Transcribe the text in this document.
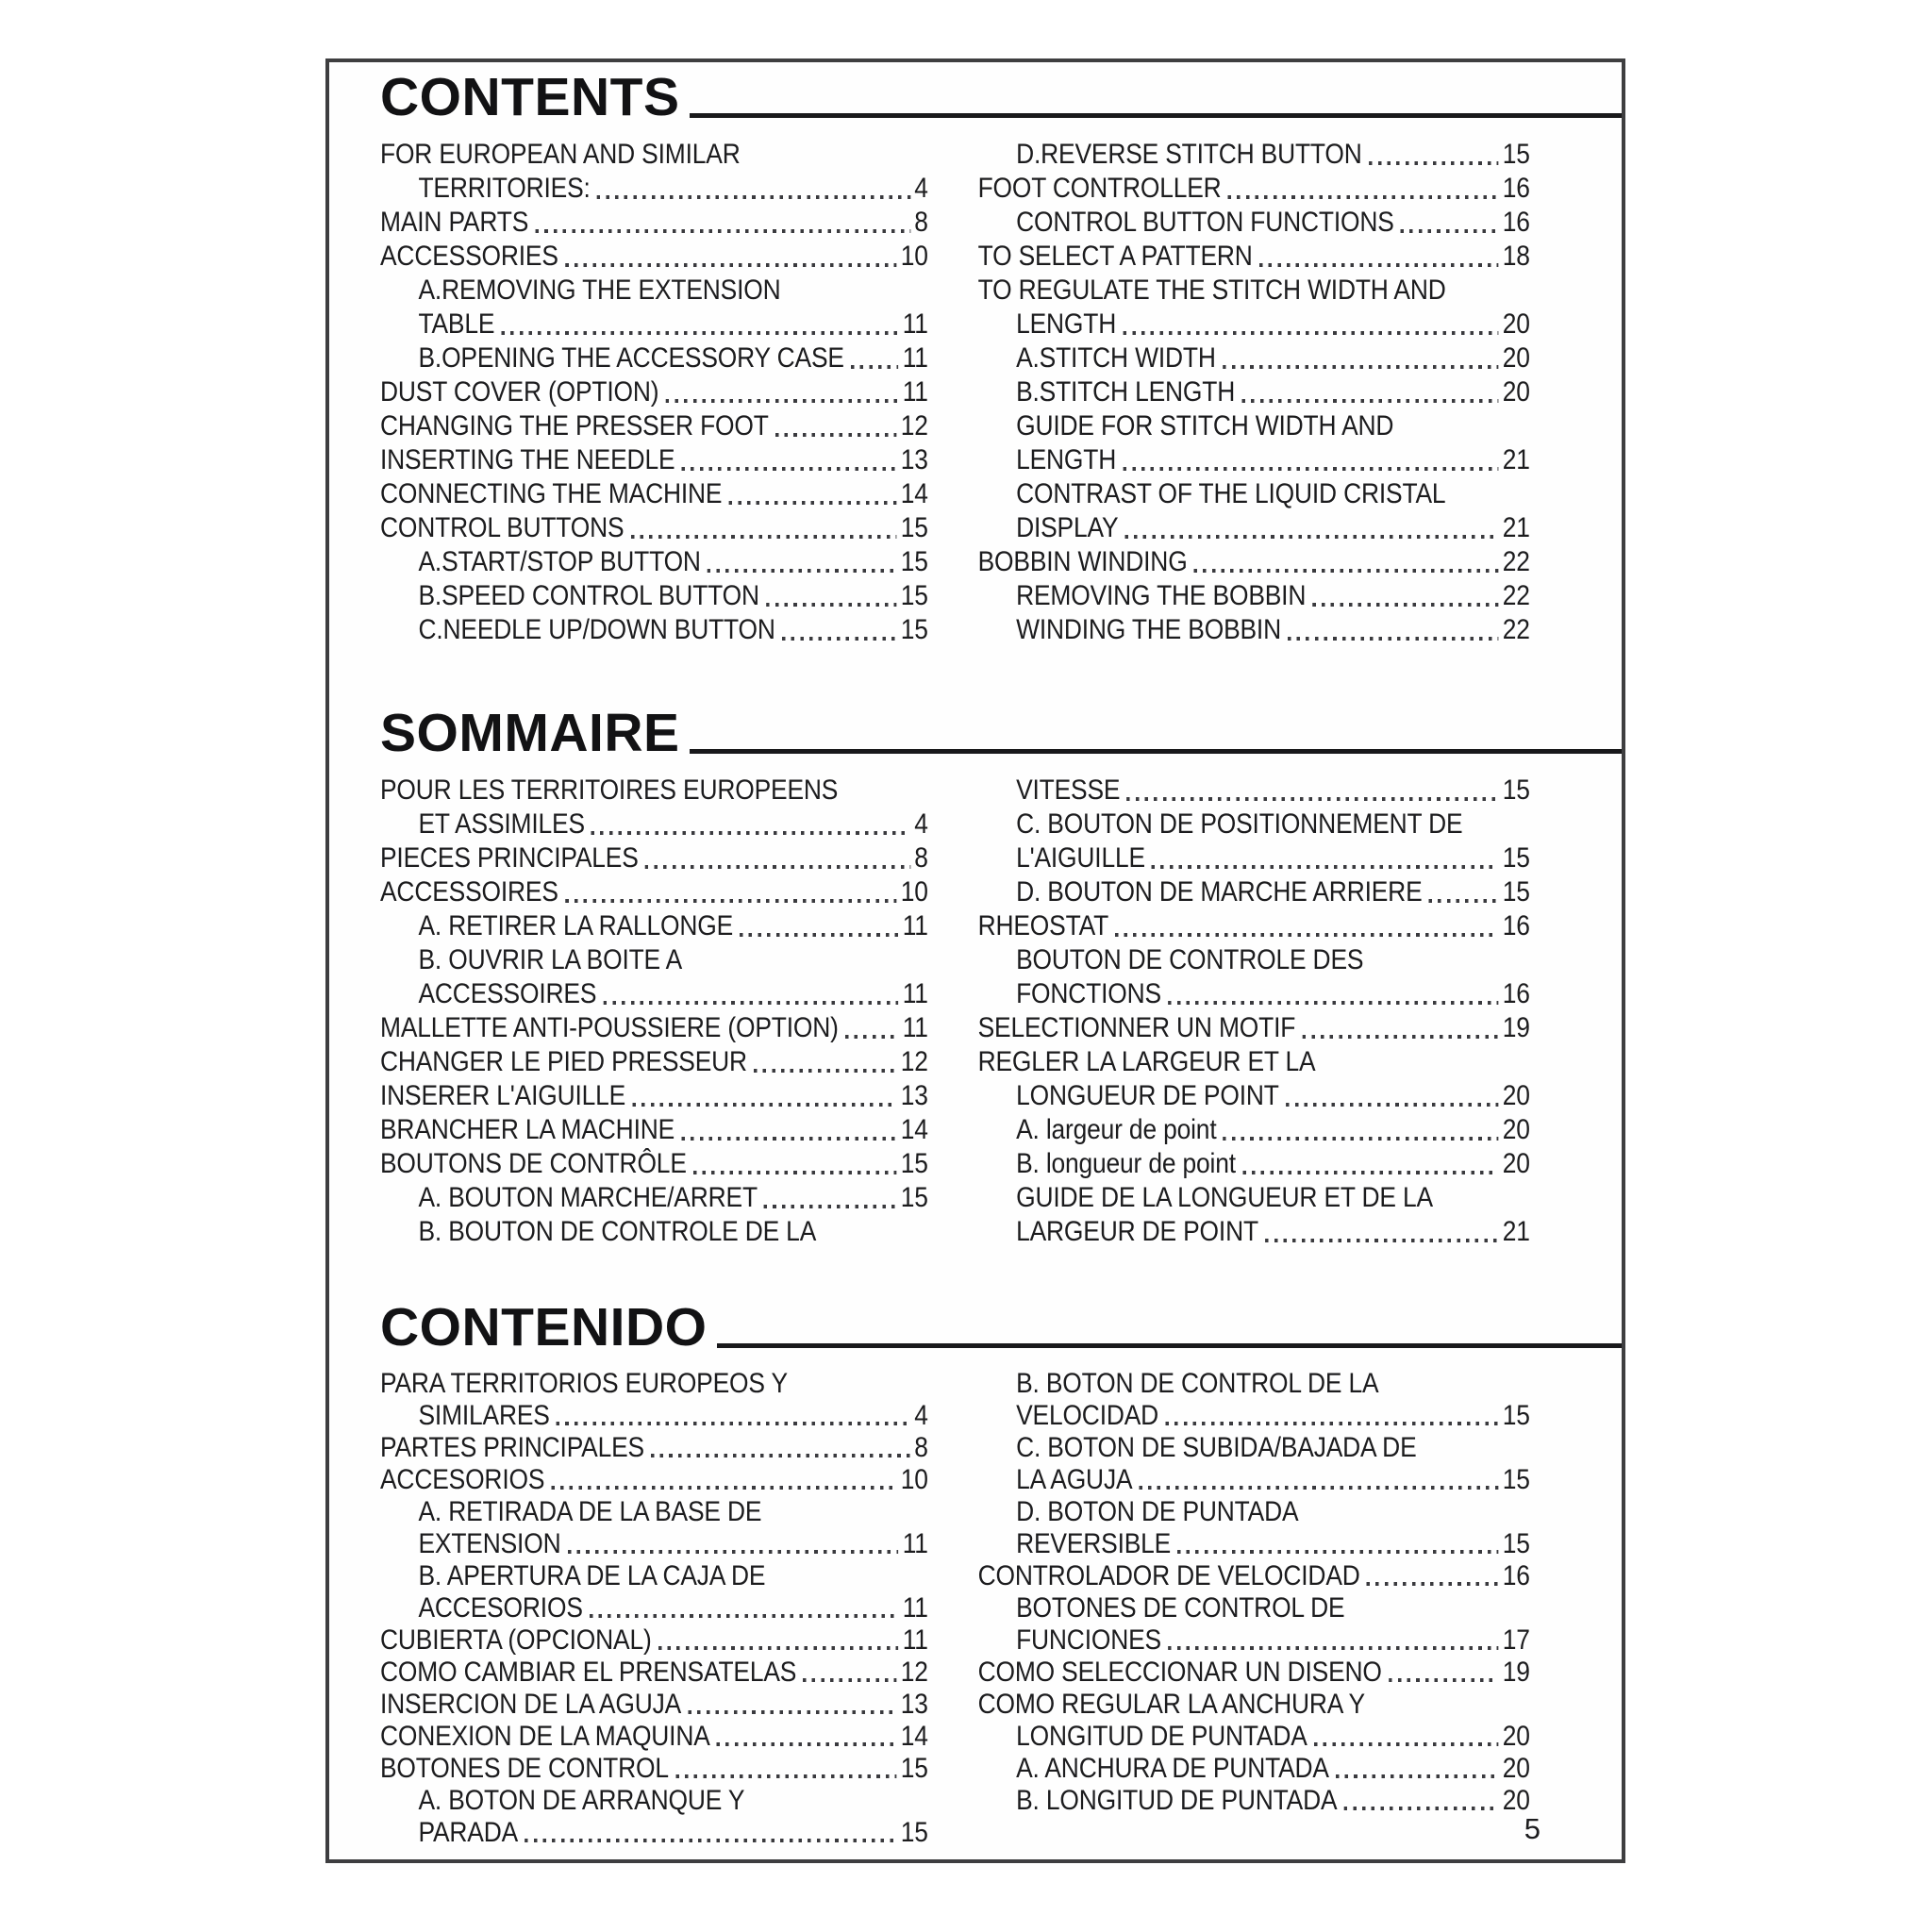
CONTENTS
FOR EUROPEAN AND SIMILAR
TERRITORIES:	4
MAIN PARTS	8
ACCESSORIES	10
A.REMOVING THE EXTENSION
TABLE	11
B.OPENING THE ACCESSORY CASE 11
DUST COVER (OPTION)	11
CHANGING THE PRESSER FOOT	12
INSERTING THE NEEDLE	13
CONNECTING THE MACHINE	14
CONTROL BUTTONS	15
A.START/STOP BUTTON	15
B.SPEED CONTROL BUTTON	15
C.NEEDLE UP/DOWN BUTTON	15
D.REVERSE STITCH BUTTON	15
FOOT CONTROLLER	16
CONTROL BUTTON FUNCTIONS	16
TO SELECT A PATTERN	18
TO REGULATE THE STITCH WIDTH AND
LENGTH	20
A.STITCH WIDTH	20
B.STITCH LENGTH	20
GUIDE FOR STITCH WIDTH AND
LENGTH	21
CONTRAST OF THE LIQUID CRISTAL
DISPLAY	21
BOBBIN WINDING	22
REMOVING THE BOBBIN	22
WINDING THE BOBBIN	22
SOMMAIRE
POUR LES TERRITOIRES EUROPEENS
ET ASSIMILES	4
PIECES PRINCIPALES	8
ACCESSOIRES	10
A. RETIRER LA RALLONGE	11
B. OUVRIR LA BOITE A
ACCESSOIRES	11
MALLETTE ANTI-POUSSIERE (OPTION) 11
CHANGER LE PIED PRESSEUR	12
INSERER L'AIGUILLE	13
BRANCHER LA MACHINE	14
BOUTONS DE CONTRÔLE	15
A. BOUTON MARCHE/ARRET	15
B. BOUTON DE CONTROLE DE LA
VITESSE	15
C. BOUTON DE POSITIONNEMENT DE
L'AIGUILLE	15
D. BOUTON DE MARCHE ARRIERE	15
RHEOSTAT	16
BOUTON DE CONTROLE DES
FONCTIONS	16
SELECTIONNER UN MOTIF	19
REGLER LA LARGEUR ET LA
LONGUEUR DE POINT	20
A. largeur de point	20
B. longueur de point	20
GUIDE DE LA LONGUEUR ET DE LA
LARGEUR DE POINT	21
CONTENIDO
PARA TERRITORIOS EUROPEOS Y
SIMILARES	4
PARTES PRINCIPALES	8
ACCESORIOS	10
A. RETIRADA DE LA BASE DE
EXTENSION	11
B. APERTURA DE LA CAJA DE
ACCESORIOS	11
CUBIERTA (OPCIONAL)	11
COMO CAMBIAR EL PRENSATELAS	12
INSERCION DE LA AGUJA	13
CONEXION DE LA MAQUINA	14
BOTONES DE CONTROL	15
A. BOTON DE ARRANQUE Y
PARADA	15
B. BOTON DE CONTROL DE LA
VELOCIDAD	15
C. BOTON DE SUBIDA/BAJADA DE
LA AGUJA	15
D. BOTON DE PUNTADA
REVERSIBLE	15
CONTROLADOR DE VELOCIDAD	16
BOTONES DE CONTROL DE
FUNCIONES	17
COMO SELECCIONAR UN DISENO	19
COMO REGULAR LA ANCHURA Y
LONGITUD DE PUNTADA	20
A. ANCHURA DE PUNTADA	20
B. LONGITUD DE PUNTADA	20
5
